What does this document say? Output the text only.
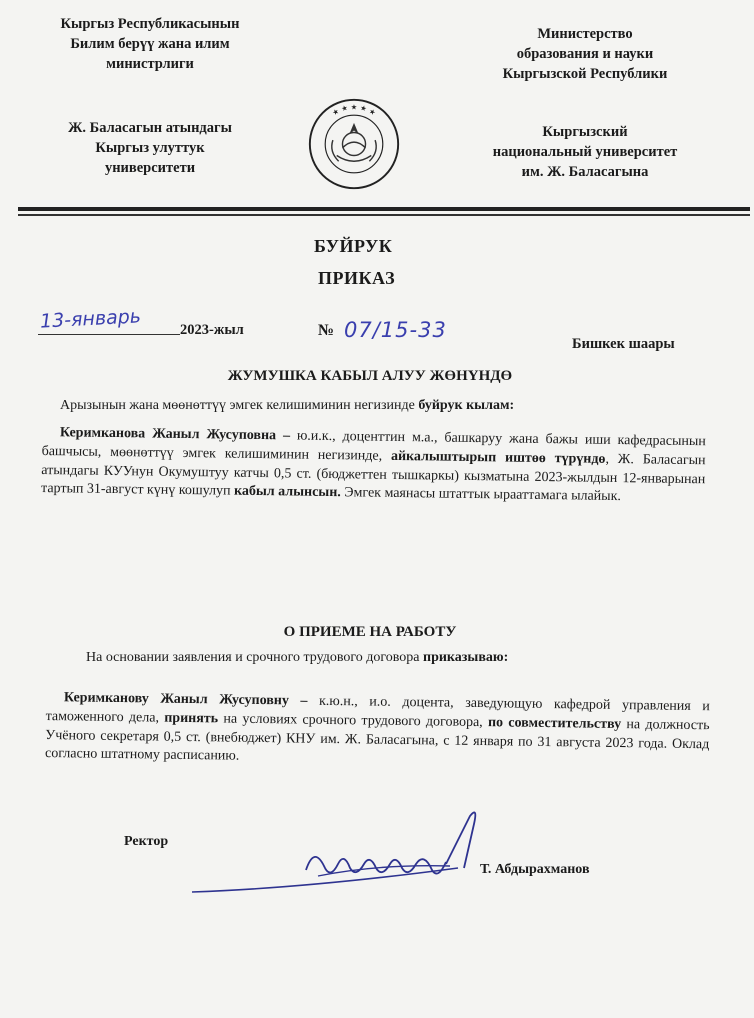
Кыргыз Республикасынын
Билим берүү жана илим
министрлиги
Ж. Баласагын атындагы
Кыргыз улуттук
университети
★ ★ ★ ★ ★
Министерство
образования и науки
Кыргызской Республики
Кыргызский
национальный университет
им. Ж. Баласагына
БУЙРУК
ПРИКАЗ
13-январь	2023-жыл	№ 07/15-33
Бишкек шаары
ЖУМУШКА КАБЫЛ АЛУУ ЖӨНҮНДӨ
Арызынын жана мөөнөттүү эмгек келишиминин негизинде буйрук кылам:
Керимканова Жаныл Жусуповна – ю.и.к., доценттин м.а., башкаруу жана бажы иши кафедрасынын башчысы, мөөнөттүү эмгек келишиминин негизинде, айкалыштырып иштөө түрүндө, Ж. Баласагын атындагы КУУнун Окумуштуу катчы 0,5 ст. (бюджеттен тышкаркы) кызматына 2023-жылдын 12-январынан тартып 31-август күнү кошулуп кабыл алынсын. Эмгек маянасы штаттык ырааттамага ылайык.
О ПРИЕМЕ НА РАБОТУ
На основании заявления и срочного трудового договора приказываю:
Керимканову Жаныл Жусуповну – к.ю.н., и.о. доцента, заведующую кафедрой управления и таможенного дела, принять на условиях срочного трудового договора, по совместительству на должность Учёного секретаря 0,5 ст. (внебюджет) КНУ им. Ж. Баласагына, с 12 января по 31 августа 2023 года. Оклад согласно штатному расписанию.
Ректор
Т. Абдырахманов
